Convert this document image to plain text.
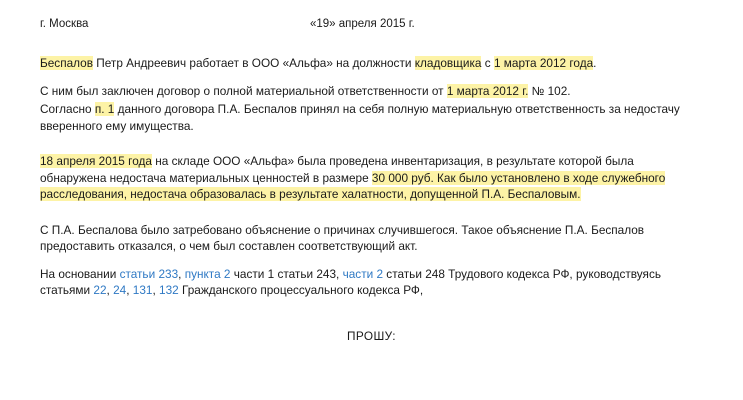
г. Москва	«19» апреля 2015 г.

Беспалов Петр Андреевич работает в ООО «Альфа» на должности кладовщика с 1 марта 2012 года.

С ним был заключен договор о полной материальной ответственности от 1 марта 2012 г. № 102.

Согласно п. 1 данного договора П.А. Беспалов принял на себя полную материальную ответственность за недостачу вверенного ему имущества.

18 апреля 2015 года на складе ООО «Альфа» была проведена инвентаризация, в результате которой была обнаружена недостача материальных ценностей в размере 30 000 руб. Как было установлено в ходе служебного расследования, недостача образовалась в результате халатности, допущенной П.А. Беспаловым.

С П.А. Беспалова было затребовано объяснение о причинах случившегося. Такое объяснение П.А. Беспалов предоставить отказался, о чем был составлен соответствующий акт.

На основании статьи 233, пункта 2 части 1 статьи 243, части 2 статьи 248 Трудового кодекса РФ, руководствуясь статьями 22, 24, 131, 132 Гражданского процессуального кодекса РФ,

ПРОШУ:
